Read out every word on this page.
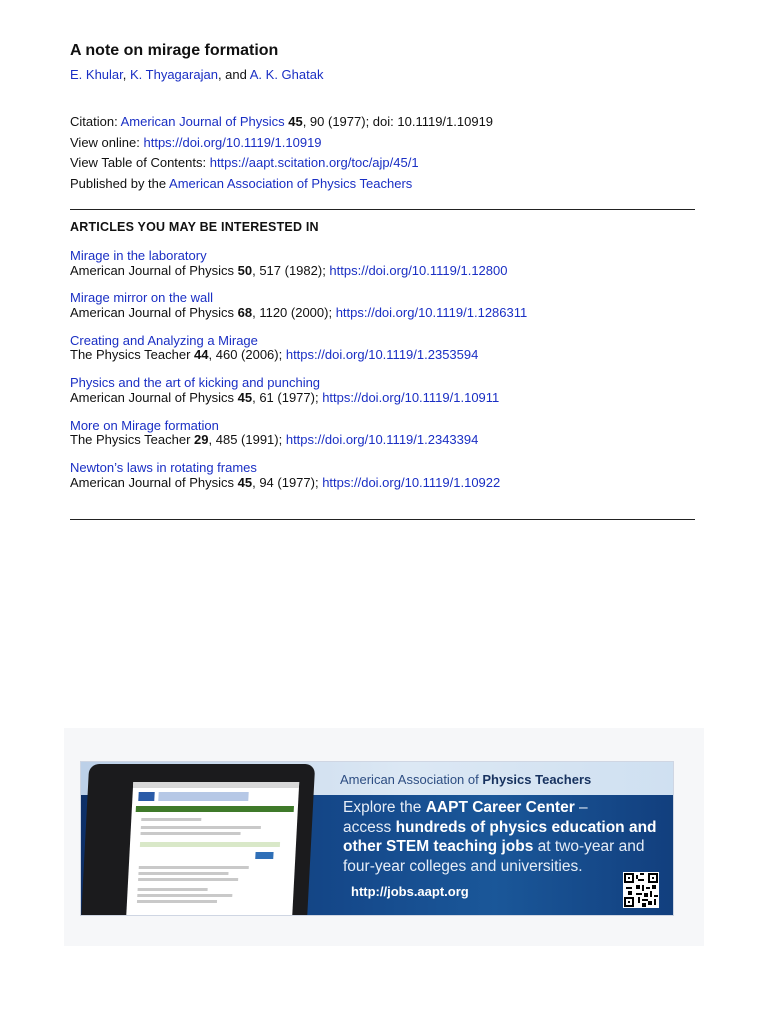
A note on mirage formation
E. Khular, K. Thyagarajan, and A. K. Ghatak
Citation: American Journal of Physics 45, 90 (1977); doi: 10.1119/1.10919
View online: https://doi.org/10.1119/1.10919
View Table of Contents: https://aapt.scitation.org/toc/ajp/45/1
Published by the American Association of Physics Teachers
ARTICLES YOU MAY BE INTERESTED IN
Mirage in the laboratory
American Journal of Physics 50, 517 (1982); https://doi.org/10.1119/1.12800
Mirage mirror on the wall
American Journal of Physics 68, 1120 (2000); https://doi.org/10.1119/1.1286311
Creating and Analyzing a Mirage
The Physics Teacher 44, 460 (2006); https://doi.org/10.1119/1.2353594
Physics and the art of kicking and punching
American Journal of Physics 45, 61 (1977); https://doi.org/10.1119/1.10911
More on Mirage formation
The Physics Teacher 29, 485 (1991); https://doi.org/10.1119/1.2343394
Newton’s laws in rotating frames
American Journal of Physics 45, 94 (1977); https://doi.org/10.1119/1.10922
American Association of Physics Teachers
Explore the AAPT Career Center –
access hundreds of physics education and
other STEM teaching jobs at two-year and
four-year colleges and universities.
http://jobs.aapt.org
